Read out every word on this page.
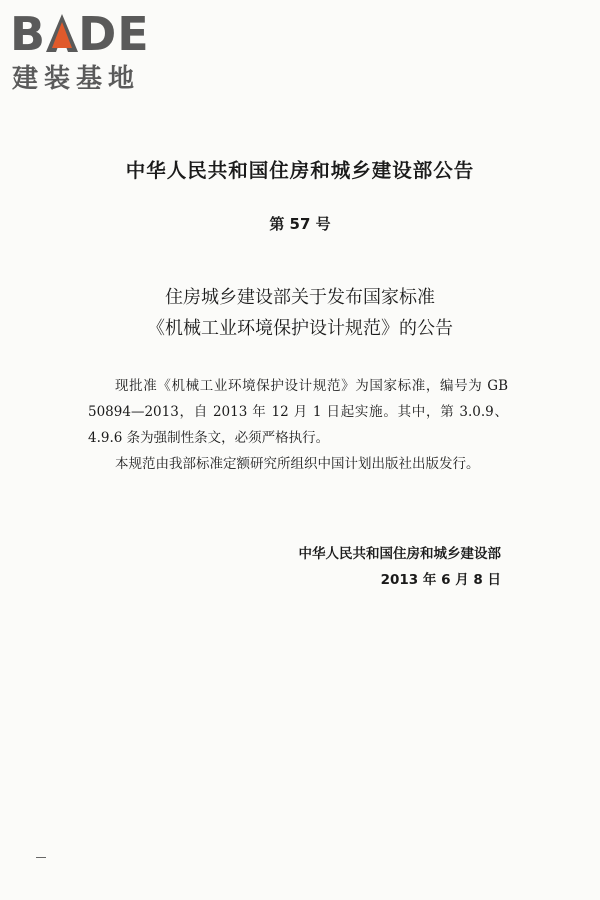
B DE
建装基地
中华人民共和国住房和城乡建设部公告
第 57 号
住房城乡建设部关于发布国家标准
《机械工业环境保护设计规范》的公告

现批准《机械工业环境保护设计规范》为国家标准，编号为 GB 50894—2013，自 2013 年 12 月 1 日起实施。其中，第 3.0.9、4.9.6 条为强制性条文，必须严格执行。

本规范由我部标准定额研究所组织中国计划出版社出版发行。

中华人民共和国住房和城乡建设部
2013 年 6 月 8 日
